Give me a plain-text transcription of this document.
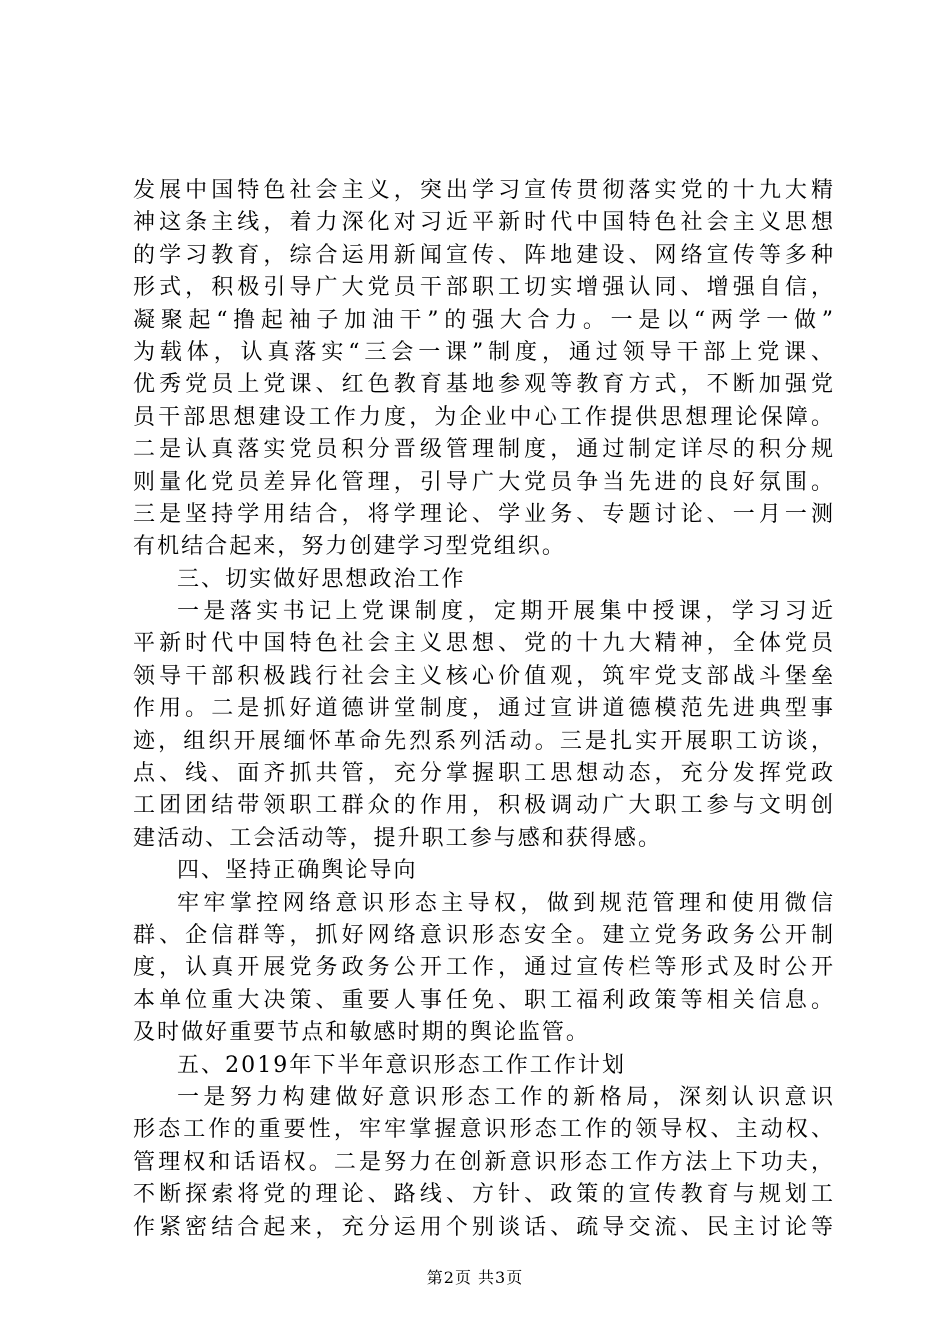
发展中国特色社会主义，突出学习宣传贯彻落实党的十九大精
神这条主线，着力深化对习近平新时代中国特色社会主义思想
的学习教育，综合运用新闻宣传、阵地建设、网络宣传等多种
形式，积极引导广大党员干部职工切实增强认同、增强自信，
凝聚起“撸起袖子加油干”的强大合力。一是以“两学一做”
为载体，认真落实“三会一课”制度，通过领导干部上党课、
优秀党员上党课、红色教育基地参观等教育方式，不断加强党
员干部思想建设工作力度，为企业中心工作提供思想理论保障。
二是认真落实党员积分晋级管理制度，通过制定详尽的积分规
则量化党员差异化管理，引导广大党员争当先进的良好氛围。
三是坚持学用结合，将学理论、学业务、专题讨论、一月一测
有机结合起来，努力创建学习型党组织。
三、切实做好思想政治工作
一是落实书记上党课制度，定期开展集中授课，学习习近
平新时代中国特色社会主义思想、党的十九大精神，全体党员
领导干部积极践行社会主义核心价值观，筑牢党支部战斗堡垒
作用。二是抓好道德讲堂制度，通过宣讲道德模范先进典型事
迹，组织开展缅怀革命先烈系列活动。三是扎实开展职工访谈，
点、线、面齐抓共管，充分掌握职工思想动态，充分发挥党政
工团团结带领职工群众的作用，积极调动广大职工参与文明创
建活动、工会活动等，提升职工参与感和获得感。
四、坚持正确舆论导向
牢牢掌控网络意识形态主导权，做到规范管理和使用微信
群、企信群等，抓好网络意识形态安全。建立党务政务公开制
度，认真开展党务政务公开工作，通过宣传栏等形式及时公开
本单位重大决策、重要人事任免、职工福利政策等相关信息。
及时做好重要节点和敏感时期的舆论监管。
五、2019年下半年意识形态工作工作计划
一是努力构建做好意识形态工作的新格局，深刻认识意识
形态工作的重要性，牢牢掌握意识形态工作的领导权、主动权、
管理权和话语权。二是努力在创新意识形态工作方法上下功夫，
不断探索将党的理论、路线、方针、政策的宣传教育与规划工
作紧密结合起来，充分运用个别谈话、疏导交流、民主讨论等
第2页 共3页
